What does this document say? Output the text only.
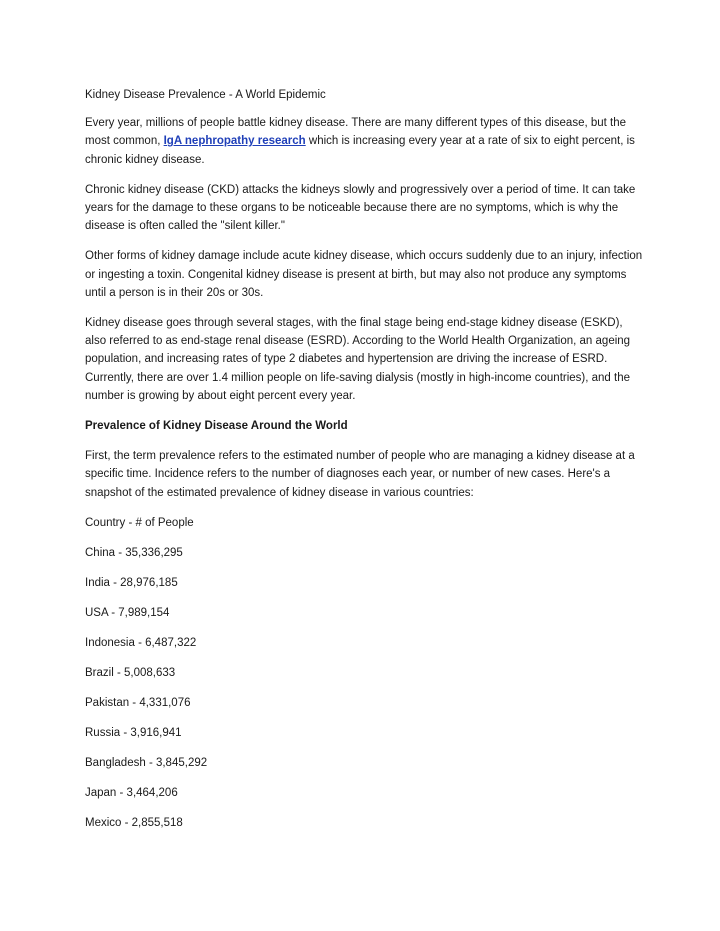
Kidney Disease Prevalence - A World Epidemic

Every year, millions of people battle kidney disease. There are many different types of this disease, but the most common, IgA nephropathy research which is increasing every year at a rate of six to eight percent, is chronic kidney disease.

Chronic kidney disease (CKD) attacks the kidneys slowly and progressively over a period of time. It can take years for the damage to these organs to be noticeable because there are no symptoms, which is why the disease is often called the "silent killer."

Other forms of kidney damage include acute kidney disease, which occurs suddenly due to an injury, infection or ingesting a toxin. Congenital kidney disease is present at birth, but may also not produce any symptoms until a person is in their 20s or 30s.

Kidney disease goes through several stages, with the final stage being end-stage kidney disease (ESKD), also referred to as end-stage renal disease (ESRD). According to the World Health Organization, an ageing population, and increasing rates of type 2 diabetes and hypertension are driving the increase of ESRD. Currently, there are over 1.4 million people on life-saving dialysis (mostly in high-income countries), and the number is growing by about eight percent every year.

Prevalence of Kidney Disease Around the World

First, the term prevalence refers to the estimated number of people who are managing a kidney disease at a specific time. Incidence refers to the number of diagnoses each year, or number of new cases. Here's a snapshot of the estimated prevalence of kidney disease in various countries:

Country - # of People
China - 35,336,295
India - 28,976,185
USA - 7,989,154
Indonesia - 6,487,322
Brazil - 5,008,633
Pakistan - 4,331,076
Russia - 3,916,941
Bangladesh - 3,845,292
Japan - 3,464,206
Mexico - 2,855,518
